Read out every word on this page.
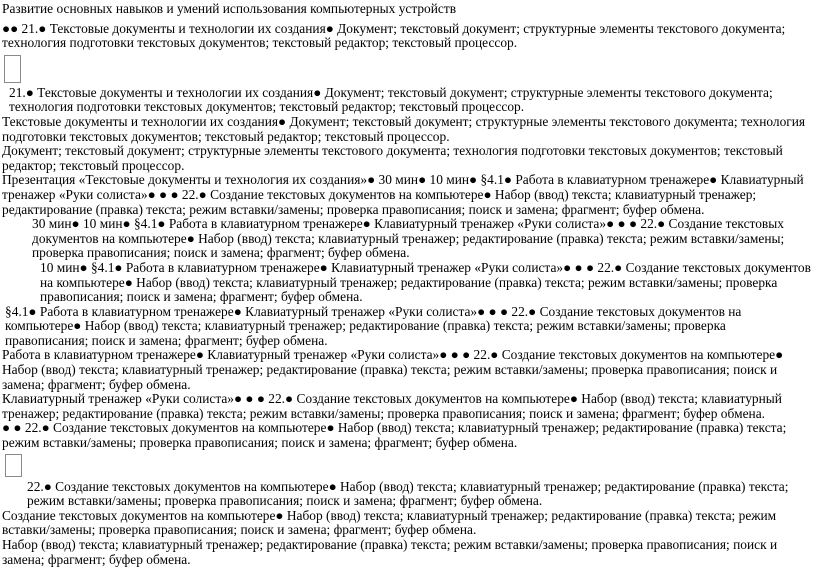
Развитие основных навыков и умений использования компьютерных устройств

●● 21.● Текстовые документы и технологии их создания● Документ; текстовый документ; структурные элементы текстового документа; технология подготовки текстовых документов; текстовый редактор; текстовый процессор.

21.● Текстовые документы и технологии их создания● Документ; текстовый документ; структурные элементы текстового документа; технология подготовки текстовых документов; текстовый редактор; текстовый процессор.

Текстовые документы и технологии их создания● Документ; текстовый документ; структурные элементы текстового документа; технология подготовки текстовых документов; текстовый редактор; текстовый процессор.

Документ; текстовый документ; структурные элементы текстового документа; технология подготовки текстовых документов; текстовый редактор; текстовый процессор.

Презентация «Текстовые документы и технология их создания»● 30 мин● 10 мин● §4.1● Работа в клавиатурном тренажере● Клавиатурный тренажер «Руки солиста»● ● ● 22.● Создание текстовых документов на компьютере● Набор (ввод) текста; клавиатурный тренажер; редактирование (правка) текста; режим вставки/замены; проверка правописания; поиск и замена; фрагмент; буфер обмена.

30 мин● 10 мин● §4.1● Работа в клавиатурном тренажере● Клавиатурный тренажер «Руки солиста»● ● ● 22.● Создание текстовых документов на компьютере● Набор (ввод) текста; клавиатурный тренажер; редактирование (правка) текста; режим вставки/замены; проверка правописания; поиск и замена; фрагмент; буфер обмена.

10 мин● §4.1● Работа в клавиатурном тренажере● Клавиатурный тренажер «Руки солиста»● ● ● 22.● Создание текстовых документов на компьютере● Набор (ввод) текста; клавиатурный тренажер; редактирование (правка) текста; режим вставки/замены; проверка правописания; поиск и замена; фрагмент; буфер обмена.

§4.1● Работа в клавиатурном тренажере● Клавиатурный тренажер «Руки солиста»● ● ● 22.● Создание текстовых документов на компьютере● Набор (ввод) текста; клавиатурный тренажер; редактирование (правка) текста; режим вставки/замены; проверка правописания; поиск и замена; фрагмент; буфер обмена.

Работа в клавиатурном тренажере● Клавиатурный тренажер «Руки солиста»● ● ● 22.● Создание текстовых документов на компьютере● Набор (ввод) текста; клавиатурный тренажер; редактирование (правка) текста; режим вставки/замены; проверка правописания; поиск и замена; фрагмент; буфер обмена.

Клавиатурный тренажер «Руки солиста»● ● ● 22.● Создание текстовых документов на компьютере● Набор (ввод) текста; клавиатурный тренажер; редактирование (правка) текста; режим вставки/замены; проверка правописания; поиск и замена; фрагмент; буфер обмена.

● ● 22.● Создание текстовых документов на компьютере● Набор (ввод) текста; клавиатурный тренажер; редактирование (правка) текста; режим вставки/замены; проверка правописания; поиск и замена; фрагмент; буфер обмена.

22.● Создание текстовых документов на компьютере● Набор (ввод) текста; клавиатурный тренажер; редактирование (правка) текста; режим вставки/замены; проверка правописания; поиск и замена; фрагмент; буфер обмена.

Создание текстовых документов на компьютере● Набор (ввод) текста; клавиатурный тренажер; редактирование (правка) текста; режим вставки/замены; проверка правописания; поиск и замена; фрагмент; буфер обмена.

Набор (ввод) текста; клавиатурный тренажер; редактирование (правка) текста; режим вставки/замены; проверка правописания; поиск и замена; фрагмент; буфер обмена.
